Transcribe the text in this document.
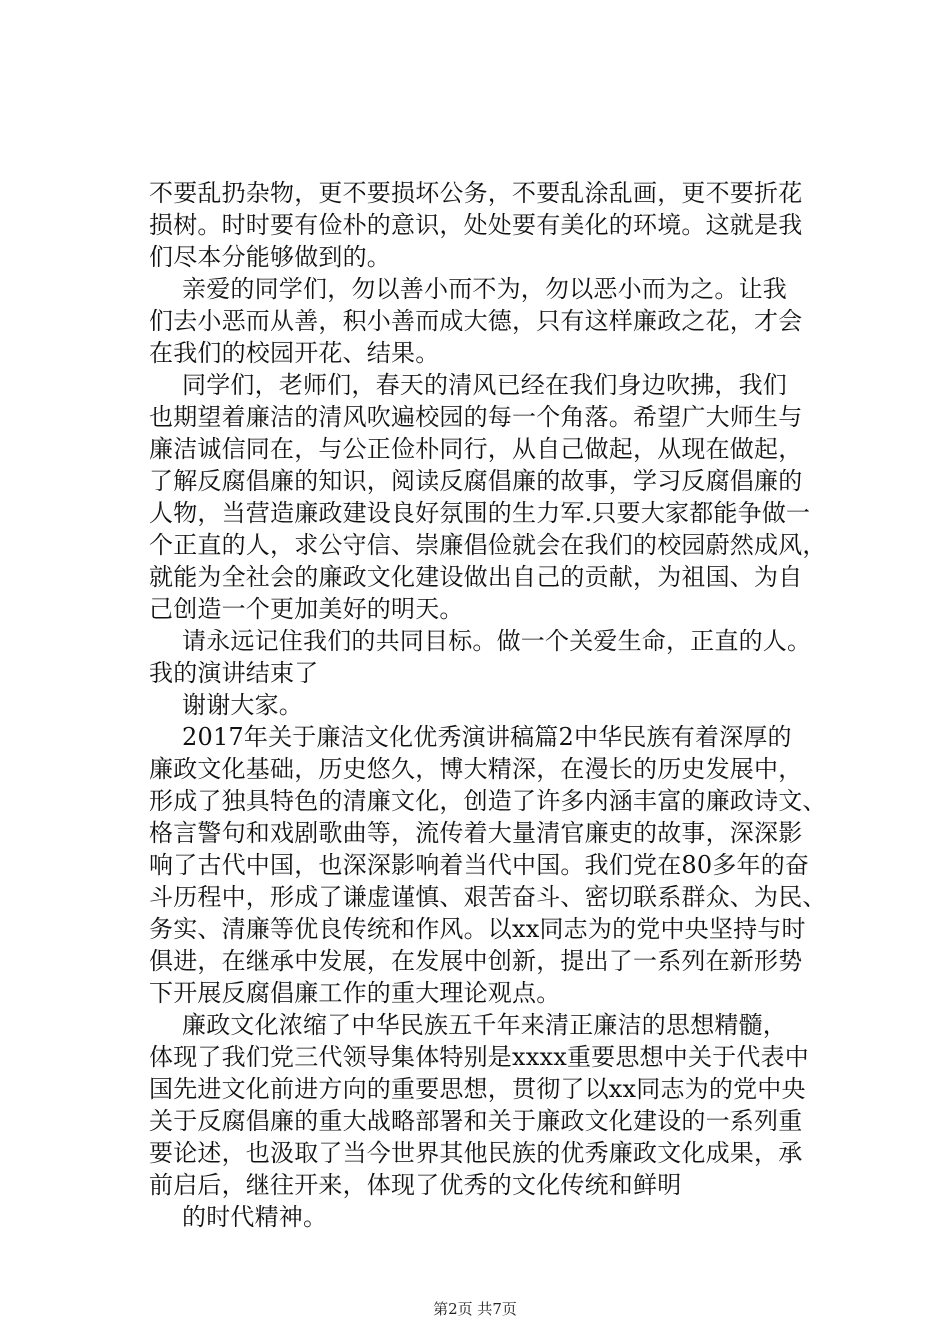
不要乱扔杂物，更不要损坏公务，不要乱涂乱画，更不要折花
损树。时时要有俭朴的意识，处处要有美化的环境。这就是我
们尽本分能够做到的。
亲爱的同学们，勿以善小而不为，勿以恶小而为之。让我
们去小恶而从善，积小善而成大德，只有这样廉政之花，才会
在我们的校园开花、结果。
同学们，老师们，春天的清风已经在我们身边吹拂，我们
也期望着廉洁的清风吹遍校园的每一个角落。希望广大师生与
廉洁诚信同在，与公正俭朴同行，从自己做起，从现在做起，
了解反腐倡廉的知识，阅读反腐倡廉的故事，学习反腐倡廉的
人物，当营造廉政建设良好氛围的生力军.只要大家都能争做一
个正直的人，求公守信、崇廉倡俭就会在我们的校园蔚然成风，
就能为全社会的廉政文化建设做出自己的贡献，为祖国、为自
己创造一个更加美好的明天。
请永远记住我们的共同目标。做一个关爱生命，正直的人。
我的演讲结束了
谢谢大家。
2017年关于廉洁文化优秀演讲稿篇2中华民族有着深厚的
廉政文化基础，历史悠久，博大精深，在漫长的历史发展中，
形成了独具特色的清廉文化，创造了许多内涵丰富的廉政诗文、
格言警句和戏剧歌曲等，流传着大量清官廉吏的故事，深深影
响了古代中国，也深深影响着当代中国。我们党在80多年的奋
斗历程中，形成了谦虚谨慎、艰苦奋斗、密切联系群众、为民、
务实、清廉等优良传统和作风。以xx同志为的党中央坚持与时
俱进，在继承中发展，在发展中创新，提出了一系列在新形势
下开展反腐倡廉工作的重大理论观点。
廉政文化浓缩了中华民族五千年来清正廉洁的思想精髓，
体现了我们党三代领导集体特别是xxxx重要思想中关于代表中
国先进文化前进方向的重要思想，贯彻了以xx同志为的党中央
关于反腐倡廉的重大战略部署和关于廉政文化建设的一系列重
要论述，也汲取了当今世界其他民族的优秀廉政文化成果，承
前启后，继往开来，体现了优秀的文化传统和鲜明
的时代精神。
第2页 共7页
